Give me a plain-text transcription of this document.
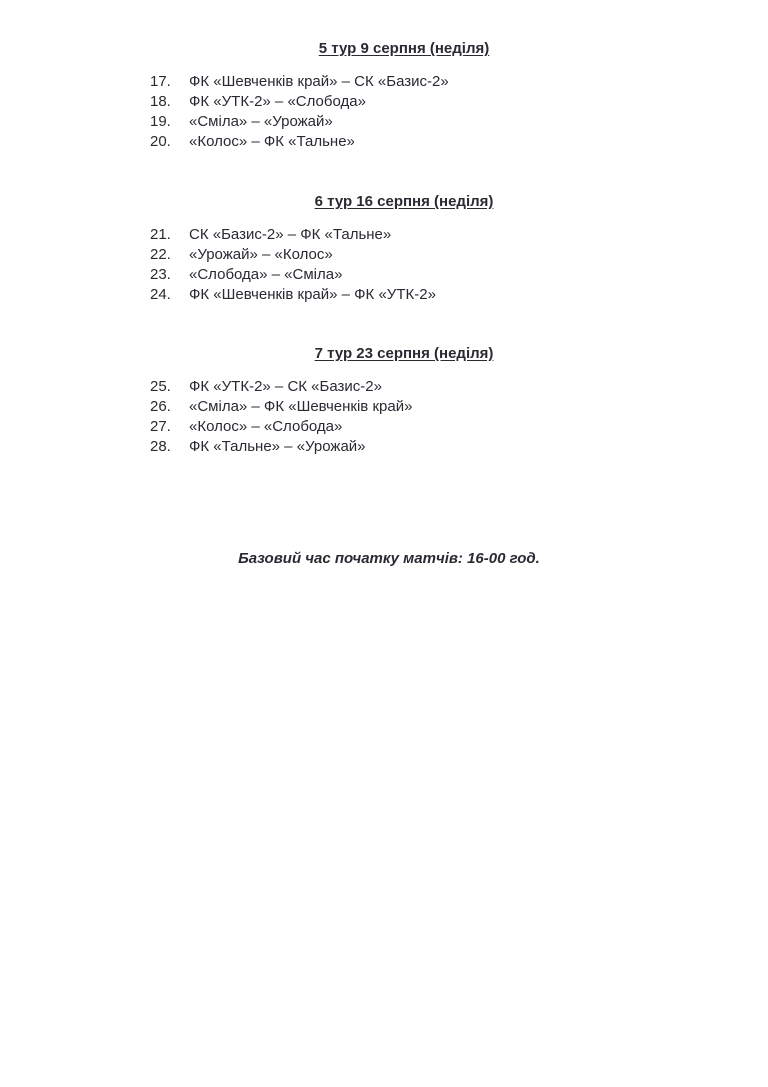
5 тур 9 серпня (неділя)
17.	ФК «Шевченків край» – СК «Базис-2»
18.	ФК «УТК-2» – «Слобода»
19.	«Сміла» – «Урожай»
20.	«Колос» – ФК «Тальне»
6 тур 16 серпня (неділя)
21.	СК «Базис-2» – ФК «Тальне»
22.	«Урожай» – «Колос»
23.	«Слобода» – «Сміла»
24.	ФК «Шевченків край» – ФК «УТК-2»
7 тур 23 серпня (неділя)
25.	ФК «УТК-2» – СК «Базис-2»
26.	«Сміла» – ФК «Шевченків край»
27.	«Колос» – «Слобода»
28.	ФК «Тальне» – «Урожай»

Базовий час початку матчів: 16-00 год.
